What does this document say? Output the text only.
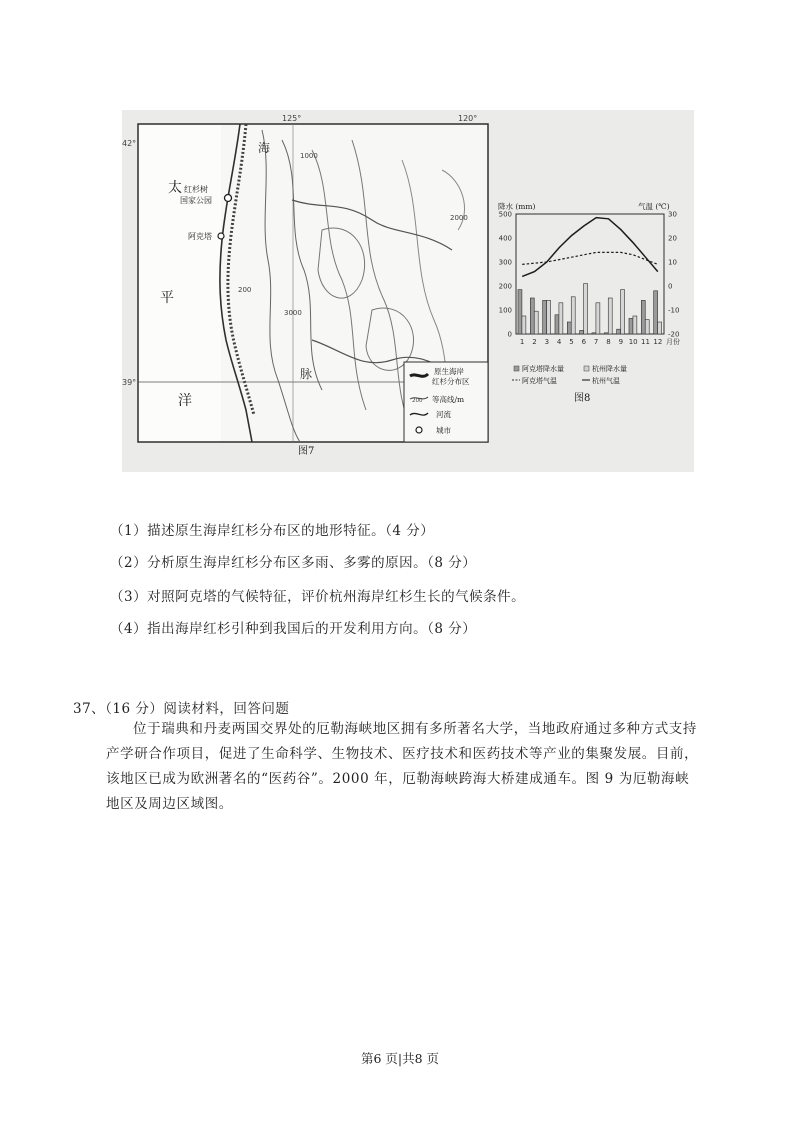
125°	120°
42°
39°
太
平
洋
海
脉
1000
2000
3000
200
红杉树
国家公园
阿克塔
原生海岸
红杉分布区
200 等高线/m
河流
城市
图7
降水 (mm)	气温 (℃)
500
400
300
200
100
0
30
20
10
0
-10
-20
1 2 3 4 5 6 7 8 9 10 11 12 月份
阿克塔降水量	杭州降水量
阿克塔气温	杭州气温
图8
（1）描述原生海岸红杉分布区的地形特征。（4 分）
（2）分析原生海岸红杉分布区多雨、多雾的原因。（8 分）
（3）对照阿克塔的气候特征，评价杭州海岸红杉生长的气候条件。
（4）指出海岸红杉引种到我国后的开发利用方向。（8 分）
37、（16 分）阅读材料，回答问题
位于瑞典和丹麦两国交界处的厄勒海峡地区拥有多所著名大学，当地政府通过多种方式支持产学研合作项目，促进了生命科学、生物技术、医疗技术和医药技术等产业的集聚发展。目前，该地区已成为欧洲著名的“医药谷”。2000 年，厄勒海峡跨海大桥建成通车。图 9 为厄勒海峡地区及周边区域图。
第6 页|共8 页
